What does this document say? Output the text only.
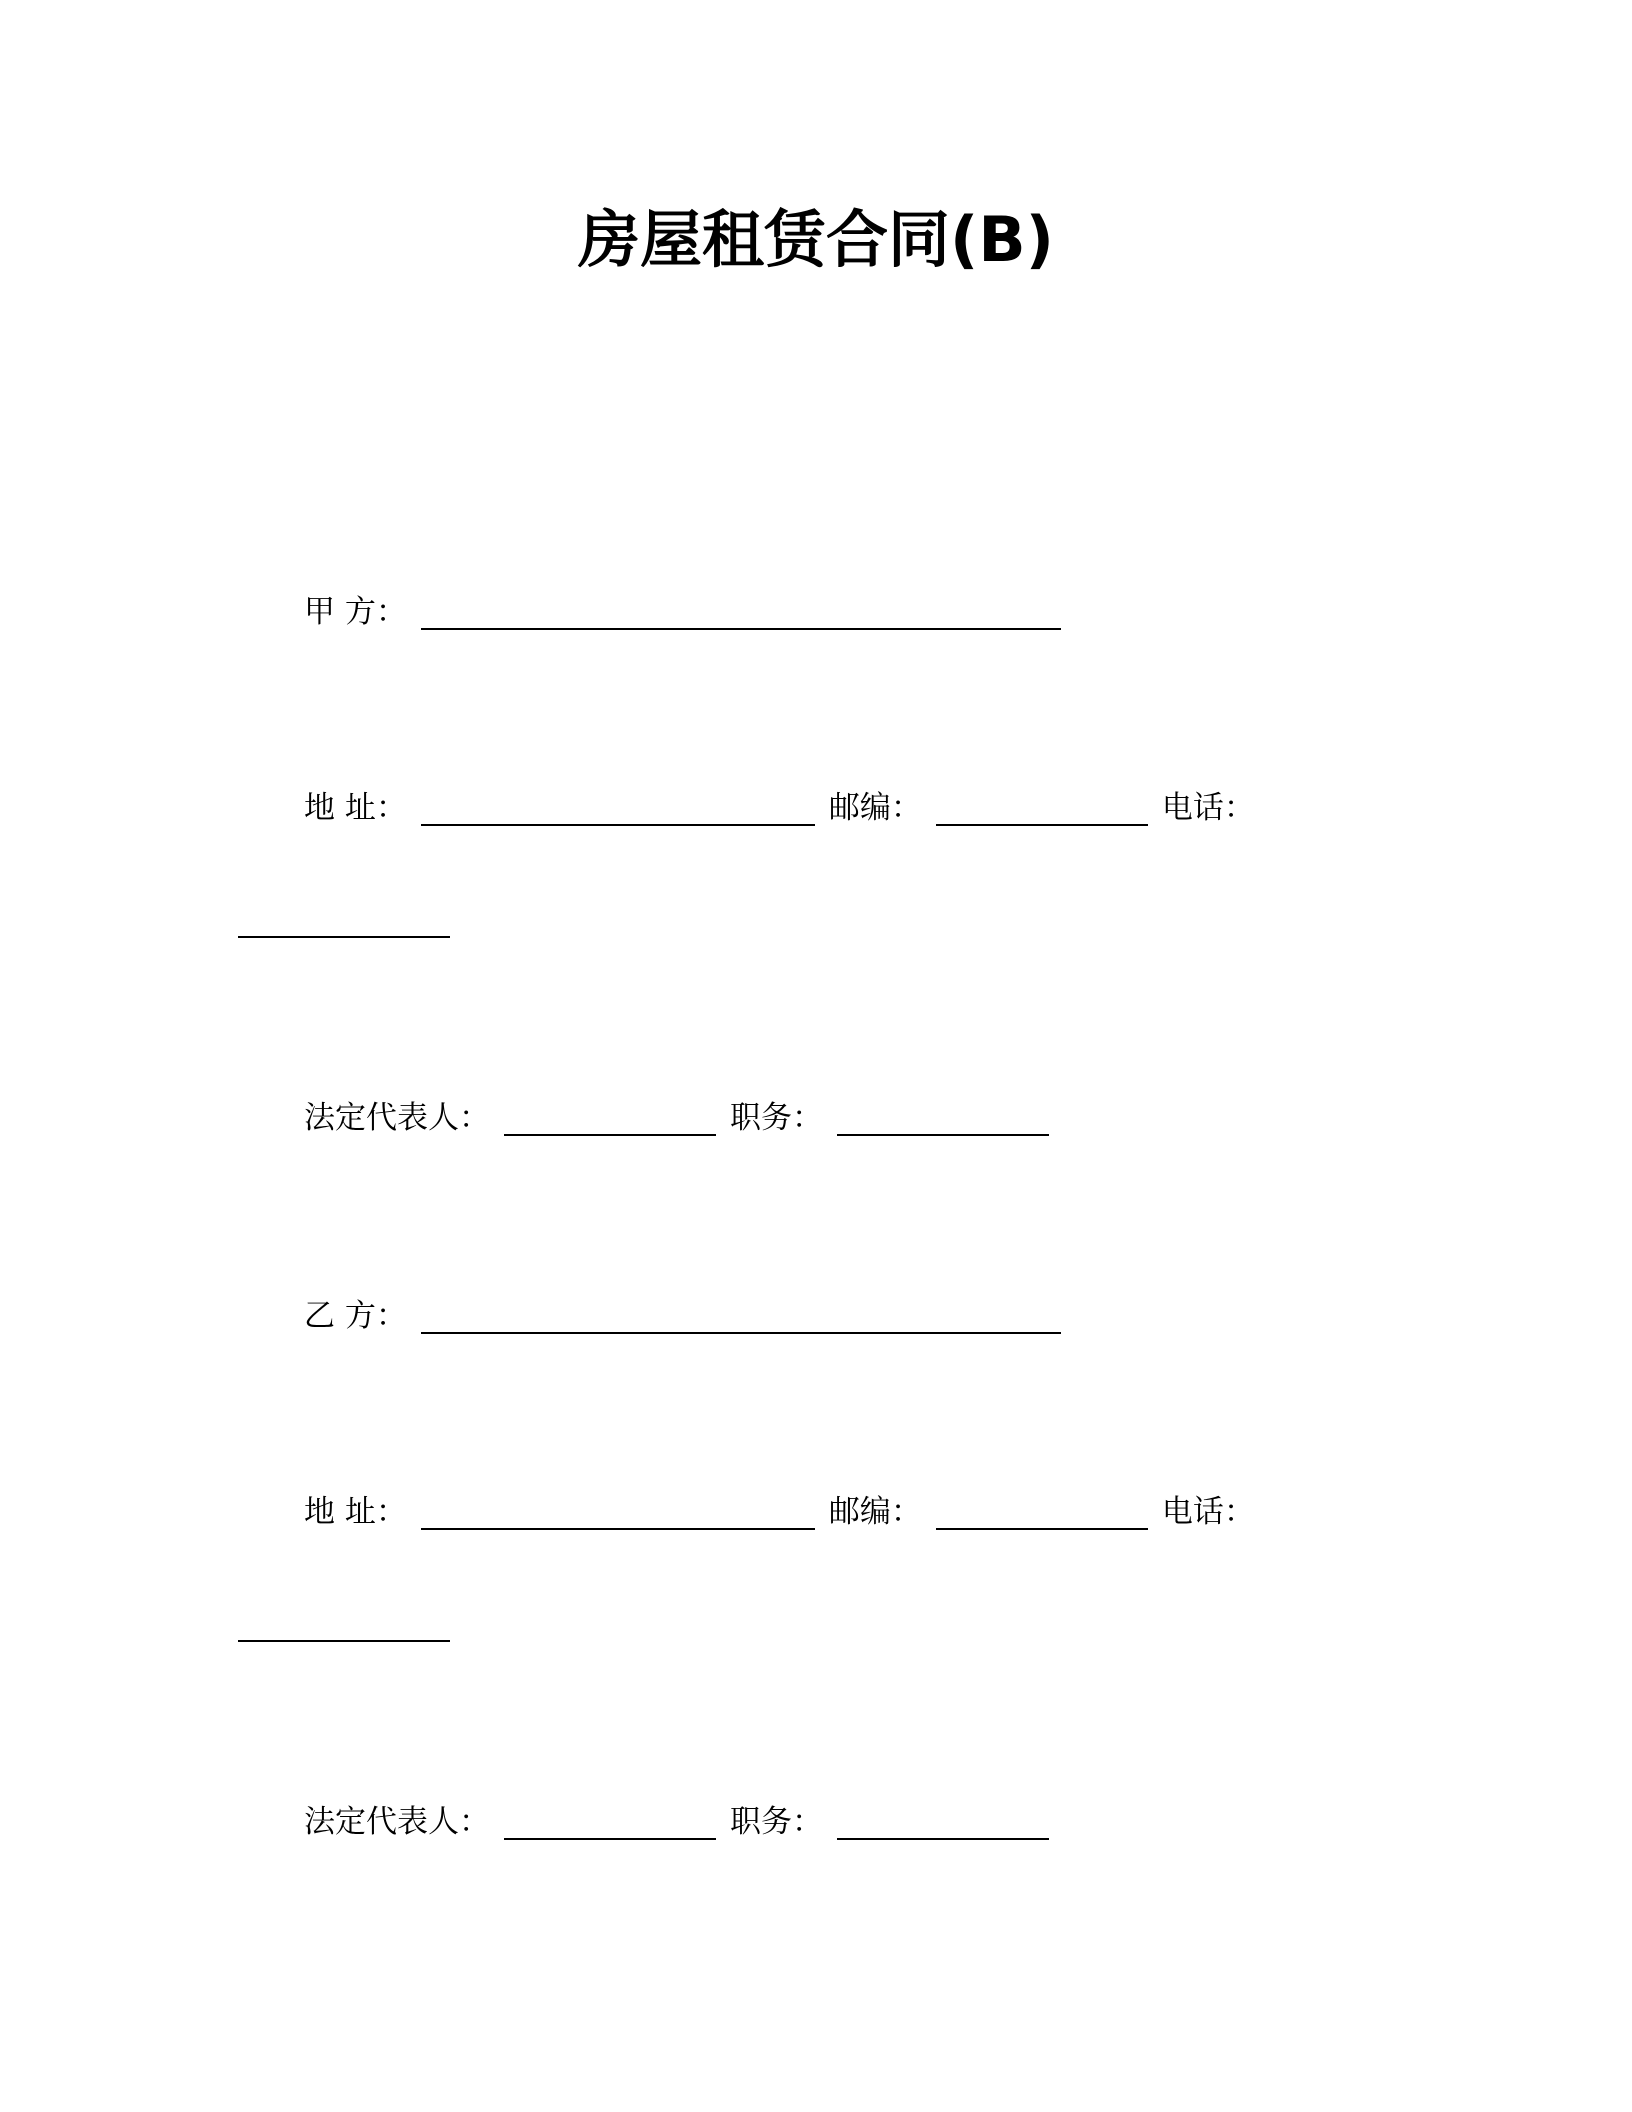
房屋租赁合同(B)
甲 方：
地 址：	邮编：	电话：
法定代表人：	职务：
乙 方：
地 址：	邮编：	电话：
法定代表人：	职务：
